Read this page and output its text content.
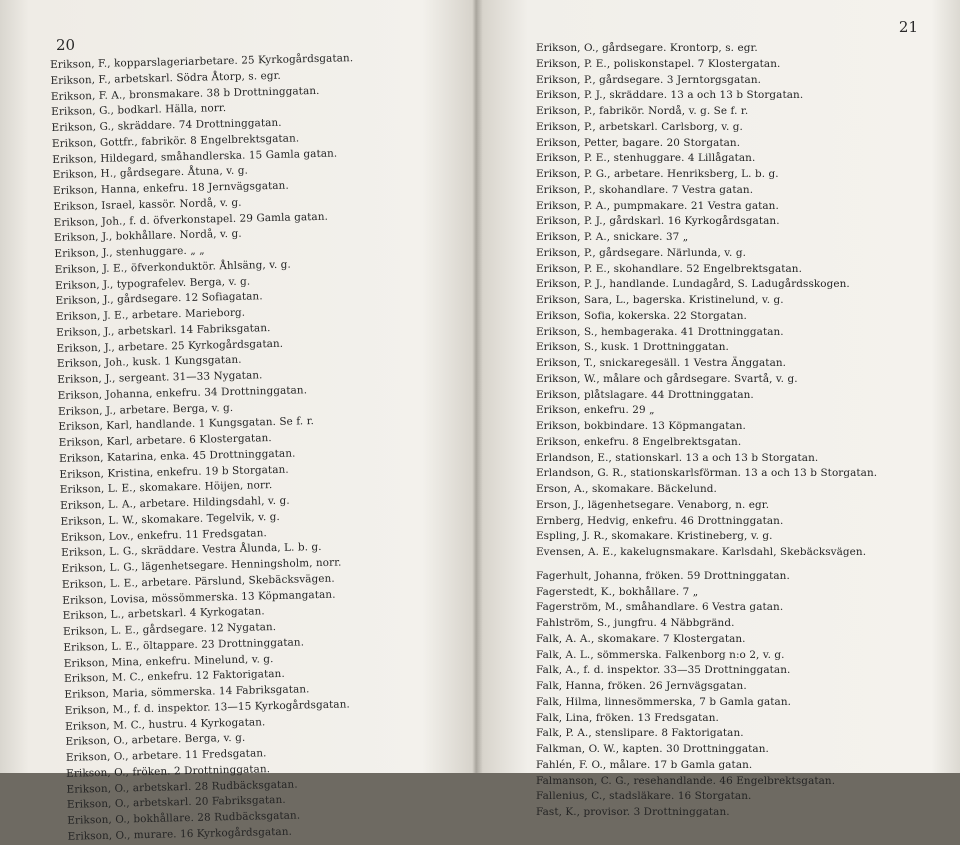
20
Erikson, F., kopparslageriarbetare. 25 Kyrkogårdsgatan.
Erikson, F., arbetskarl. Södra Åtorp, s. egr.
Erikson, F. A., bronsmakare. 38 b Drottninggatan.
Erikson, G., bodkarl. Hälla, norr.
Erikson, G., skräddare. 74 Drottninggatan.
Erikson, Gottfr., fabrikör. 8 Engelbrektsgatan.
Erikson, Hildegard, småhandlerska. 15 Gamla gatan.
Erikson, H., gårdsegare. Åtuna, v. g.
Erikson, Hanna, enkefru. 18 Jernvägsgatan.
Erikson, Israel, kassör. Nordå, v. g.
Erikson, Joh., f. d. öfverkonstapel. 29 Gamla gatan.
Erikson, J., bokhållare. Nordå, v. g.
Erikson, J., stenhuggare. „ „
Erikson, J. E., öfverkonduktör. Åhlsäng, v. g.
Erikson, J., typografelev. Berga, v. g.
Erikson, J., gårdsegare. 12 Sofiagatan.
Erikson, J. E., arbetare. Marieborg.
Erikson, J., arbetskarl. 14 Fabriksgatan.
Erikson, J., arbetare. 25 Kyrkogårdsgatan.
Erikson, Joh., kusk. 1 Kungsgatan.
Erikson, J., sergeant. 31—33 Nygatan.
Erikson, Johanna, enkefru. 34 Drottninggatan.
Erikson, J., arbetare. Berga, v. g.
Erikson, Karl, handlande. 1 Kungsgatan. Se f. r.
Erikson, Karl, arbetare. 6 Klostergatan.
Erikson, Katarina, enka. 45 Drottninggatan.
Erikson, Kristina, enkefru. 19 b Storgatan.
Erikson, L. E., skomakare. Höijen, norr.
Erikson, L. A., arbetare. Hildingsdahl, v. g.
Erikson, L. W., skomakare. Tegelvik, v. g.
Erikson, Lov., enkefru. 11 Fredsgatan.
Erikson, L. G., skräddare. Vestra Ålunda, L. b. g.
Erikson, L. G., lägenhetsegare. Henningsholm, norr.
Erikson, L. E., arbetare. Pärslund, Skebäcksvägen.
Erikson, Lovisa, mössömmerska. 13 Köpmangatan.
Erikson, L., arbetskarl. 4 Kyrkogatan.
Erikson, L. E., gårdsegare. 12 Nygatan.
Erikson, L. E., öltappare. 23 Drottninggatan.
Erikson, Mina, enkefru. Minelund, v. g.
Erikson, M. C., enkefru. 12 Faktorigatan.
Erikson, Maria, sömmerska. 14 Fabriksgatan.
Erikson, M., f. d. inspektor. 13—15 Kyrkogårdsgatan.
Erikson, M. C., hustru. 4 Kyrkogatan.
Erikson, O., arbetare. Berga, v. g.
Erikson, O., arbetare. 11 Fredsgatan.
Erikson, O., fröken. 2 Drottninggatan.
Erikson, O., arbetskarl. 28 Rudbäcksgatan.
Erikson, O., arbetskarl. 20 Fabriksgatan.
Erikson, O., bokhållare. 28 Rudbäcksgatan.
Erikson, O., murare. 16 Kyrkogårdsgatan.
21
Erikson, O., gårdsegare. Krontorp, s. egr.
Erikson, P. E., poliskonstapel. 7 Klostergatan.
Erikson, P., gårdsegare. 3 Jerntorgsgatan.
Erikson, P. J., skräddare. 13 a och 13 b Storgatan.
Erikson, P., fabrikör. Nordå, v. g. Se f. r.
Erikson, P., arbetskarl. Carlsborg, v. g.
Erikson, Petter, bagare. 20 Storgatan.
Erikson, P. E., stenhuggare. 4 Lillågatan.
Erikson, P. G., arbetare. Henriksberg, L. b. g.
Erikson, P., skohandlare. 7 Vestra gatan.
Erikson, P. A., pumpmakare. 21 Vestra gatan.
Erikson, P. J., gårdskarl. 16 Kyrkogårdsgatan.
Erikson, P. A., snickare. 37 „
Erikson, P., gårdsegare. Närlunda, v. g.
Erikson, P. E., skohandlare. 52 Engelbrektsgatan.
Erikson, P. J., handlande. Lundagård, S. Ladugårdsskogen.
Erikson, Sara, L., bagerska. Kristinelund, v. g.
Erikson, Sofia, kokerska. 22 Storgatan.
Erikson, S., hembageraka. 41 Drottninggatan.
Erikson, S., kusk. 1 Drottninggatan.
Erikson, T., snickaregesäll. 1 Vestra Änggatan.
Erikson, W., målare och gårdsegare. Svartå, v. g.
Erikson, plåtslagare. 44 Drottninggatan.
Erikson, enkefru. 29 „
Erikson, bokbindare. 13 Köpmangatan.
Erikson, enkefru. 8 Engelbrektsgatan.
Erlandson, E., stationskarl. 13 a och 13 b Storgatan.
Erlandson, G. R., stationskarlsförman. 13 a och 13 b Storgatan.
Erson, A., skomakare. Bäckelund.
Erson, J., lägenhetsegare. Venaborg, n. egr.
Ernberg, Hedvig, enkefru. 46 Drottninggatan.
Espling, J. R., skomakare. Kristineberg, v. g.
Evensen, A. E., kakelugnsmakare. Karlsdahl, Skebäcksvägen.
Fagerhult, Johanna, fröken. 59 Drottninggatan.
Fagerstedt, K., bokhållare. 7 „
Fagerström, M., småhandlare. 6 Vestra gatan.
Fahlström, S., jungfru. 4 Näbbgränd.
Falk, A. A., skomakare. 7 Klostergatan.
Falk, A. L., sömmerska. Falkenborg n:o 2, v. g.
Falk, A., f. d. inspektor. 33—35 Drottninggatan.
Falk, Hanna, fröken. 26 Jernvägsgatan.
Falk, Hilma, linnesömmerska, 7 b Gamla gatan.
Falk, Lina, fröken. 13 Fredsgatan.
Falk, P. A., stenslipare. 8 Faktorigatan.
Falkman, O. W., kapten. 30 Drottninggatan.
Fahlén, F. O., målare. 17 b Gamla gatan.
Falmanson, C. G., resehandlande. 46 Engelbrektsgatan.
Fallenius, C., stadsläkare. 16 Storgatan.
Fast, K., provisor. 3 Drottninggatan.
